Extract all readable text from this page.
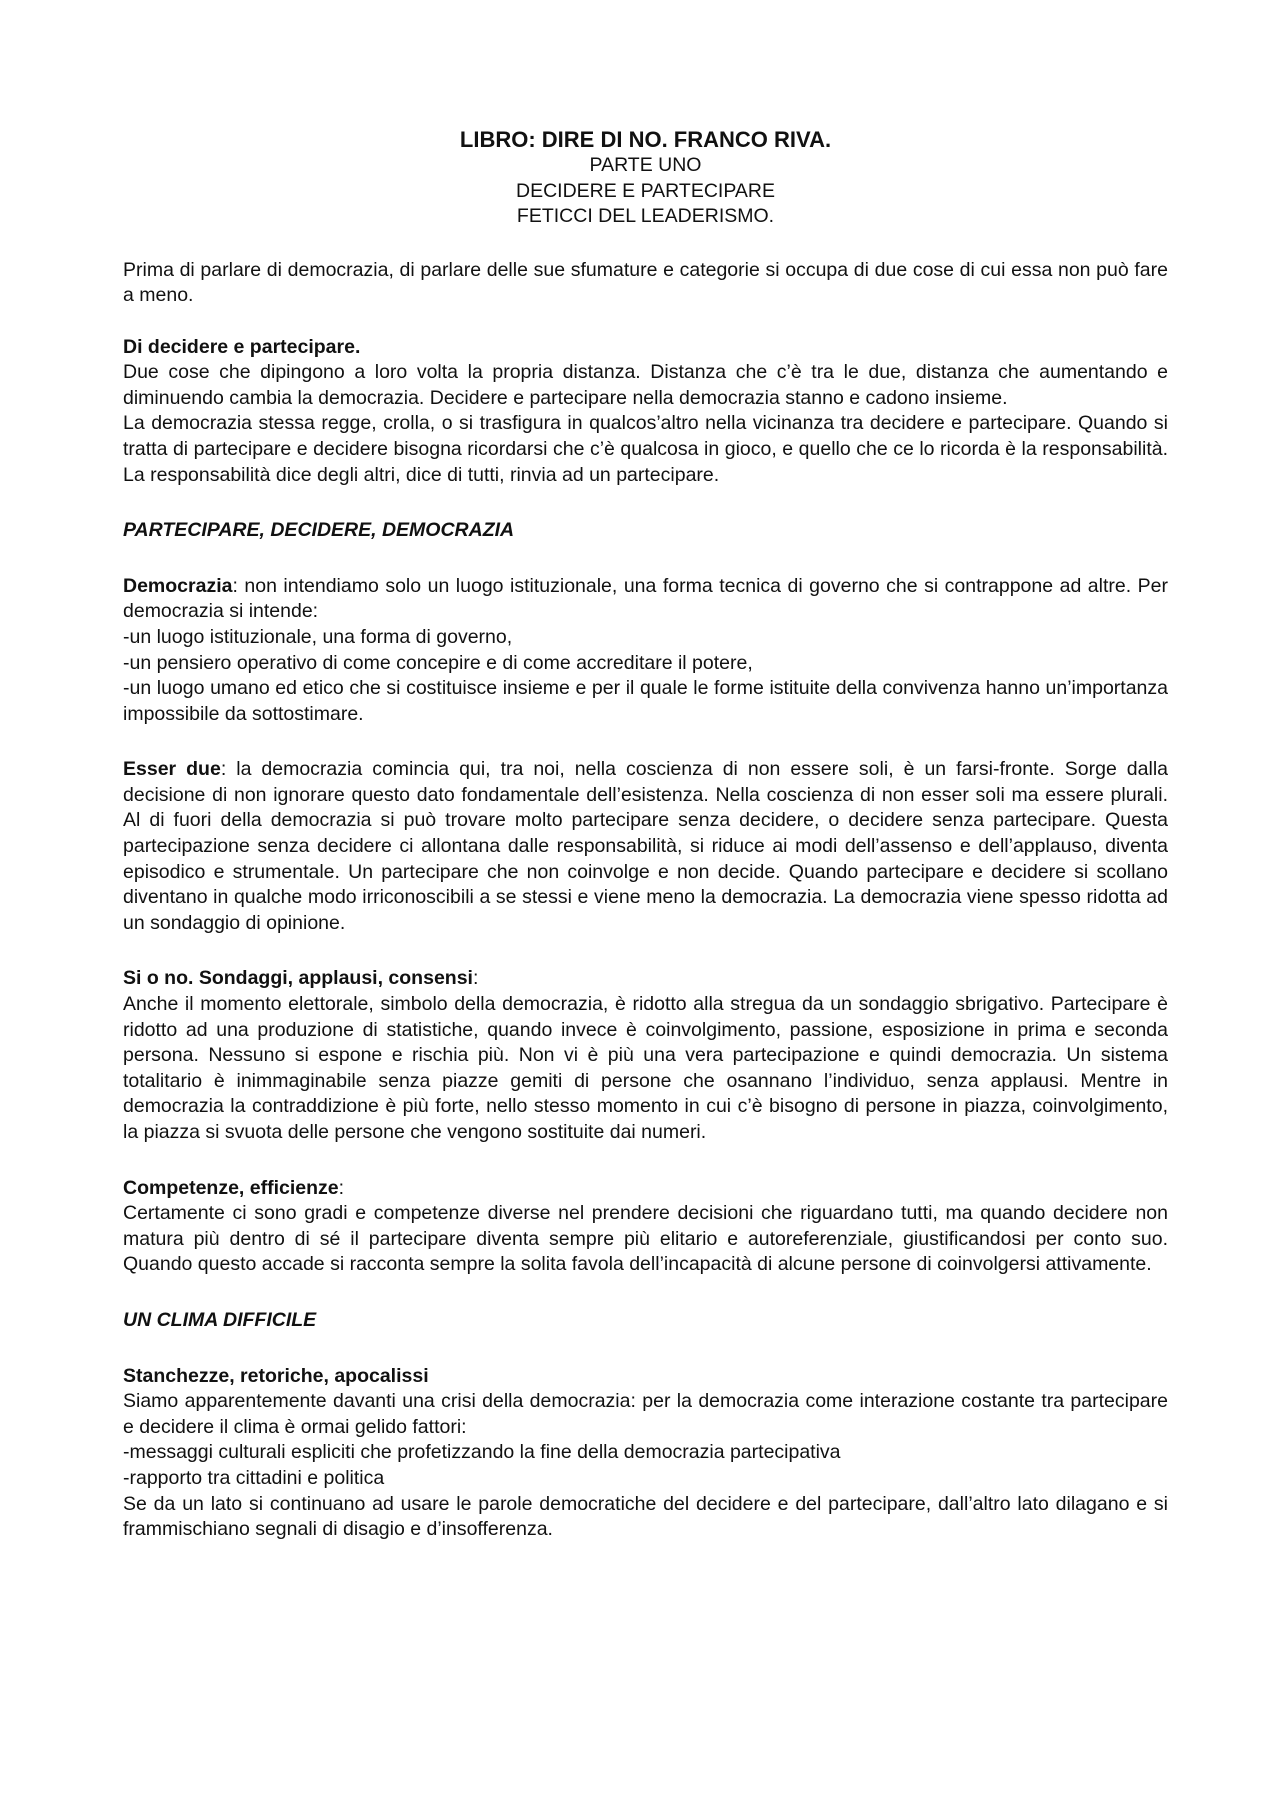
LIBRO: DIRE DI NO. FRANCO RIVA.
PARTE UNO
DECIDERE E PARTECIPARE
FETICCI DEL LEADERISMO.

Prima di parlare di democrazia, di parlare delle sue sfumature e categorie si occupa di due cose di cui essa non può fare a meno.

Di decidere e partecipare.

Due cose che dipingono a loro volta la propria distanza. Distanza che c’è tra le due, distanza che aumentando e diminuendo cambia la democrazia. Decidere e partecipare nella democrazia stanno e cadono insieme.

La democrazia stessa regge, crolla, o si trasfigura in qualcos’altro nella vicinanza tra decidere e partecipare. Quando si tratta di partecipare e decidere bisogna ricordarsi che c’è qualcosa in gioco, e quello che ce lo ricorda è la responsabilità. La responsabilità dice degli altri, dice di tutti, rinvia ad un partecipare.

PARTECIPARE, DECIDERE, DEMOCRAZIA

Democrazia: non intendiamo solo un luogo istituzionale, una forma tecnica di governo che si contrappone ad altre. Per democrazia si intende:

-un luogo istituzionale, una forma di governo,
-un pensiero operativo di come concepire e di come accreditare il potere,
-un luogo umano ed etico che si costituisce insieme e per il quale le forme istituite della convivenza hanno un’importanza impossibile da sottostimare.

Esser due: la democrazia comincia qui, tra noi, nella coscienza di non essere soli, è un farsi-fronte. Sorge dalla decisione di non ignorare questo dato fondamentale dell’esistenza. Nella coscienza di non esser soli ma essere plurali. Al di fuori della democrazia si può trovare molto partecipare senza decidere, o decidere senza partecipare. Questa partecipazione senza decidere ci allontana dalle responsabilità, si riduce ai modi dell’assenso e dell’applauso, diventa episodico e strumentale. Un partecipare che non coinvolge e non decide. Quando partecipare e decidere si scollano diventano in qualche modo irriconoscibili a se stessi e viene meno la democrazia. La democrazia viene spesso ridotta ad un sondaggio di opinione.

Si o no. Sondaggi, applausi, consensi:

Anche il momento elettorale, simbolo della democrazia, è ridotto alla stregua da un sondaggio sbrigativo. Partecipare è ridotto ad una produzione di statistiche, quando invece è coinvolgimento, passione, esposizione in prima e seconda persona. Nessuno si espone e rischia più. Non vi è più una vera partecipazione e quindi democrazia. Un sistema totalitario è inimmaginabile senza piazze gemiti di persone che osannano l’individuo, senza applausi. Mentre in democrazia la contraddizione è più forte, nello stesso momento in cui c’è bisogno di persone in piazza, coinvolgimento, la piazza si svuota delle persone che vengono sostituite dai numeri.

Competenze, efficienze:

Certamente ci sono gradi e competenze diverse nel prendere decisioni che riguardano tutti, ma quando decidere non matura più dentro di sé il partecipare diventa sempre più elitario e autoreferenziale, giustificandosi per conto suo. Quando questo accade si racconta sempre la solita favola dell’incapacità di alcune persone di coinvolgersi attivamente.

UN CLIMA DIFFICILE

Stanchezze, retoriche, apocalissi

Siamo apparentemente davanti una crisi della democrazia: per la democrazia come interazione costante tra partecipare e decidere il clima è ormai gelido fattori:

-messaggi culturali espliciti che profetizzando la fine della democrazia partecipativa
-rapporto tra cittadini e politica

Se da un lato si continuano ad usare le parole democratiche del decidere e del partecipare, dall’altro lato dilagano e si frammischiano segnali di disagio e d’insofferenza.
